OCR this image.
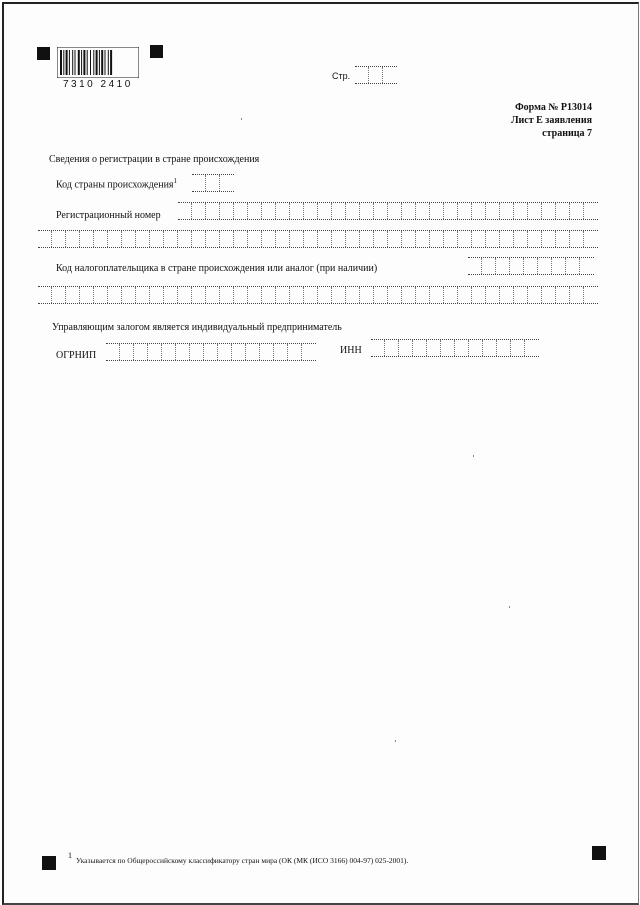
7310 2410
Стр.
Форма № Р13014
Лист Е заявления
страница 7
Сведения о регистрации в стране происхождения
Код страны происхождения$^1$
Регистрационный номер
Код налогоплательщика в стране происхождения или аналог (при наличии)
Управляющим залогом является индивидуальный предприниматель
ОГРНИП	ИНН
1Указывается по Общероссийскому классификатору стран мира (ОК (МК (ИСО 3166) 004-97) 025-2001).
